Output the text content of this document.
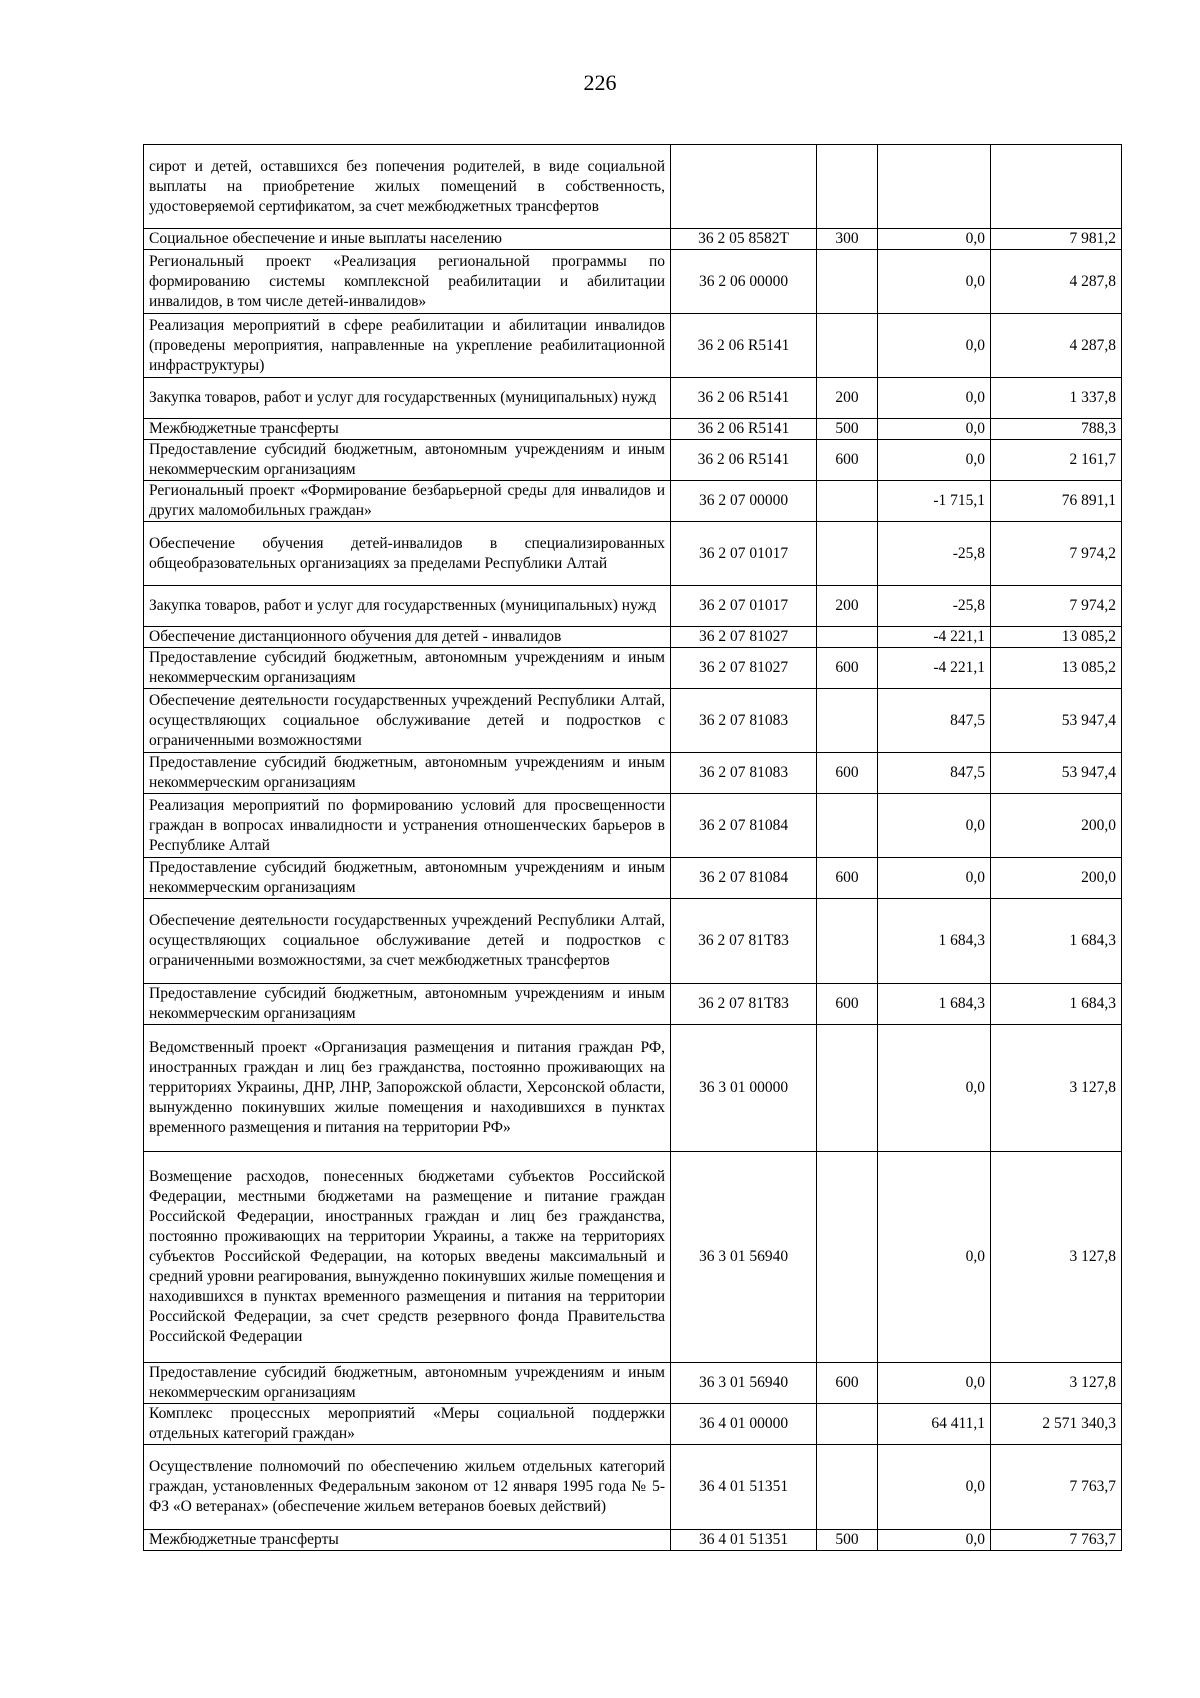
226
сирот и детей, оставшихся без попечения родителей, в виде социальной выплаты на приобретение жилых помещений в собственность, удостоверяемой сертификатом, за счет межбюджетных трансфертов				
Социальное обеспечение и иные выплаты населению	36 2 05 8582Т	300	0,0	7 981,2
Региональный проект «Реализация региональной программы по формированию системы комплексной реабилитации и абилитации инвалидов, в том числе детей-инвалидов»	36 2 06 00000		0,0	4 287,8
Реализация мероприятий в сфере реабилитации и абилитации инвалидов (проведены мероприятия, направленные на укрепление реабилитационной инфраструктуры)	36 2 06 R5141		0,0	4 287,8
Закупка товаров, работ и услуг для государственных (муниципальных) нужд	36 2 06 R5141	200	0,0	1 337,8
Межбюджетные трансферты	36 2 06 R5141	500	0,0	788,3
Предоставление субсидий бюджетным, автономным учреждениям и иным некоммерческим организациям	36 2 06 R5141	600	0,0	2 161,7
Региональный проект «Формирование безбарьерной среды для инвалидов и других маломобильных граждан»	36 2 07 00000		-1 715,1	76 891,1
Обеспечение обучения детей-инвалидов в специализированных общеобразовательных организациях за пределами Республики Алтай	36 2 07 01017		-25,8	7 974,2
Закупка товаров, работ и услуг для государственных (муниципальных) нужд	36 2 07 01017	200	-25,8	7 974,2
Обеспечение дистанционного обучения для детей - инвалидов	36 2 07 81027		-4 221,1	13 085,2
Предоставление субсидий бюджетным, автономным учреждениям и иным некоммерческим организациям	36 2 07 81027	600	-4 221,1	13 085,2
Обеспечение деятельности государственных учреждений Республики Алтай, осуществляющих социальное обслуживание детей и подростков с ограниченными возможностями	36 2 07 81083		847,5	53 947,4
Предоставление субсидий бюджетным, автономным учреждениям и иным некоммерческим организациям	36 2 07 81083	600	847,5	53 947,4
Реализация мероприятий по формированию условий для просвещенности граждан в вопросах инвалидности и устранения отношенческих барьеров в Республике Алтай	36 2 07 81084		0,0	200,0
Предоставление субсидий бюджетным, автономным учреждениям и иным некоммерческим организациям	36 2 07 81084	600	0,0	200,0
Обеспечение деятельности государственных учреждений Республики Алтай, осуществляющих социальное обслуживание детей и подростков с ограниченными возможностями, за счет межбюджетных трансфертов	36 2 07 81Т83		1 684,3	1 684,3
Предоставление субсидий бюджетным, автономным учреждениям и иным некоммерческим организациям	36 2 07 81Т83	600	1 684,3	1 684,3
Ведомственный проект «Организация размещения и питания граждан РФ, иностранных граждан и лиц без гражданства, постоянно проживающих на территориях Украины, ДНР, ЛНР, Запорожской области, Херсонской области, вынужденно покинувших жилые помещения и находившихся в пунктах временного размещения и питания на территории РФ»	36 3 01 00000		0,0	3 127,8
Возмещение расходов, понесенных бюджетами субъектов Российской Федерации, местными бюджетами на размещение и питание граждан Российской Федерации, иностранных граждан и лиц без гражданства, постоянно проживающих на территории Украины, а также на территориях субъектов Российской Федерации, на которых введены максимальный и средний уровни реагирования, вынужденно покинувших жилые помещения и находившихся в пунктах временного размещения и питания на территории Российской Федерации, за счет средств резервного фонда Правительства Российской Федерации	36 3 01 56940		0,0	3 127,8
Предоставление субсидий бюджетным, автономным учреждениям и иным некоммерческим организациям	36 3 01 56940	600	0,0	3 127,8
Комплекс процессных мероприятий «Меры социальной поддержки отдельных категорий граждан»	36 4 01 00000		64 411,1	2 571 340,3
Осуществление полномочий по обеспечению жильем отдельных категорий граждан, установленных Федеральным законом от 12 января 1995 года № 5-ФЗ «О ветеранах» (обеспечение жильем ветеранов боевых действий)	36 4 01 51351		0,0	7 763,7
Межбюджетные трансферты	36 4 01 51351	500	0,0	7 763,7
